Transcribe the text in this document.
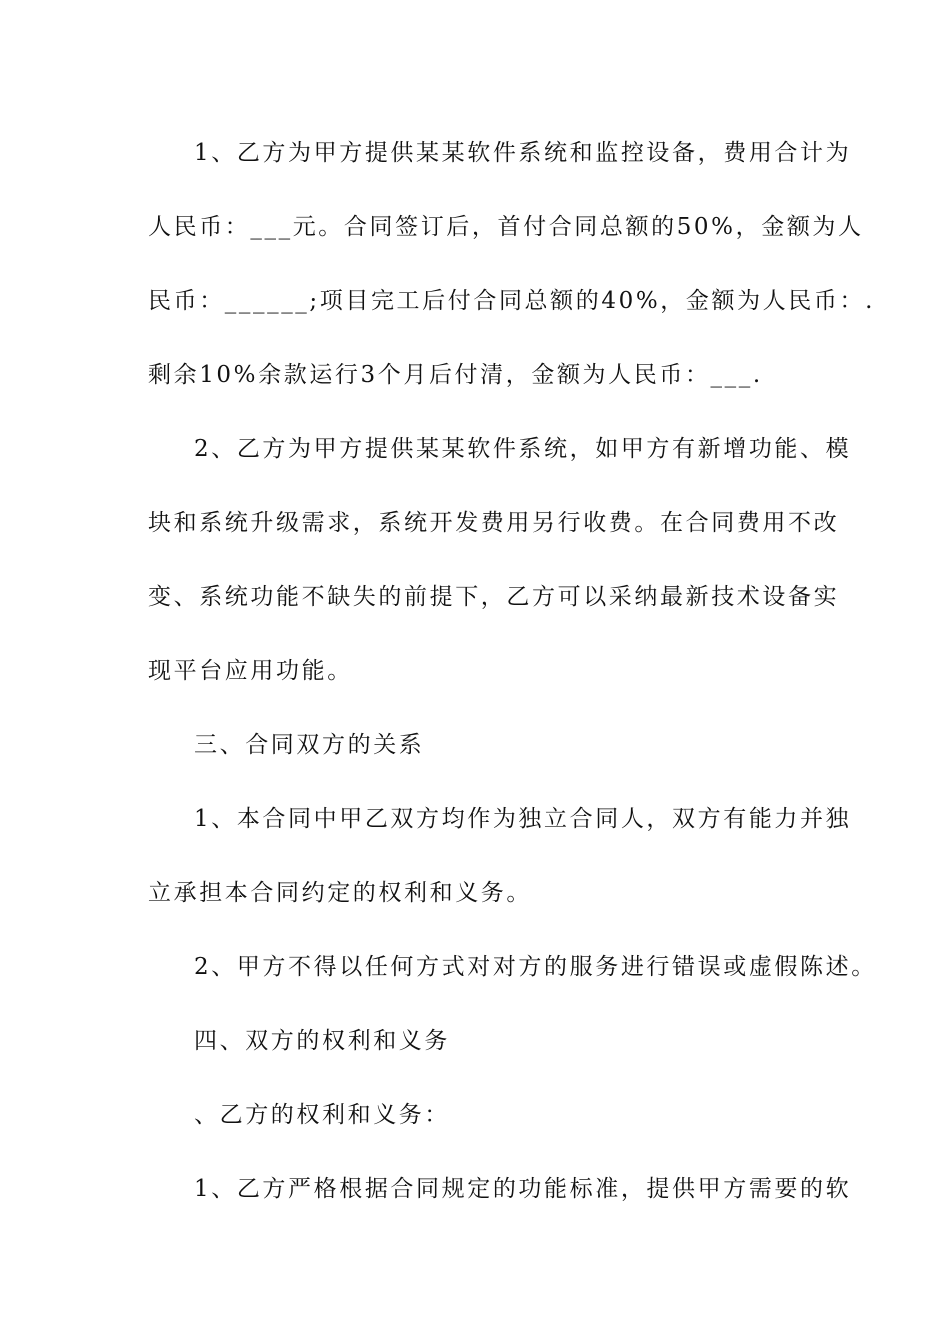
1、乙方为甲方提供某某软件系统和监控设备，费用合计为
人民币：___元。合同签订后，首付合同总额的50%，金额为人
民币：______;项目完工后付合同总额的40%，金额为人民币：.
剩余10%余款运行3个月后付清，金额为人民币：___.
2、乙方为甲方提供某某软件系统，如甲方有新增功能、模
块和系统升级需求，系统开发费用另行收费。在合同费用不改
变、系统功能不缺失的前提下，乙方可以采纳最新技术设备实
现平台应用功能。
三、合同双方的关系
1、本合同中甲乙双方均作为独立合同人，双方有能力并独
立承担本合同约定的权利和义务。
2、甲方不得以任何方式对对方的服务进行错误或虚假陈述。
四、双方的权利和义务
、乙方的权利和义务：
1、乙方严格根据合同规定的功能标准，提供甲方需要的软
